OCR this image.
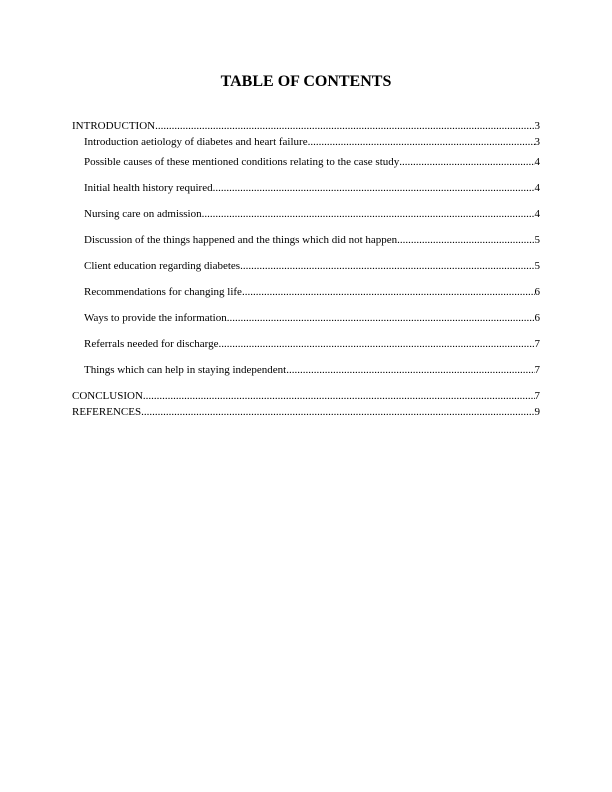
TABLE OF CONTENTS
INTRODUCTION .....	3
Introduction aetiology of diabetes and heart failure .....	3
Possible causes of these mentioned conditions relating to the case study .....	4
Initial health history required .....	4
Nursing care on admission .....	4
Discussion of the things happened and the things which did not happen .....	5
Client education regarding diabetes .....	5
Recommendations for changing life .....	6
Ways to provide the information .....	6
Referrals needed for discharge .....	7
Things which can help in staying independent .....	7
CONCLUSION .....	7
REFERENCES .....	9
